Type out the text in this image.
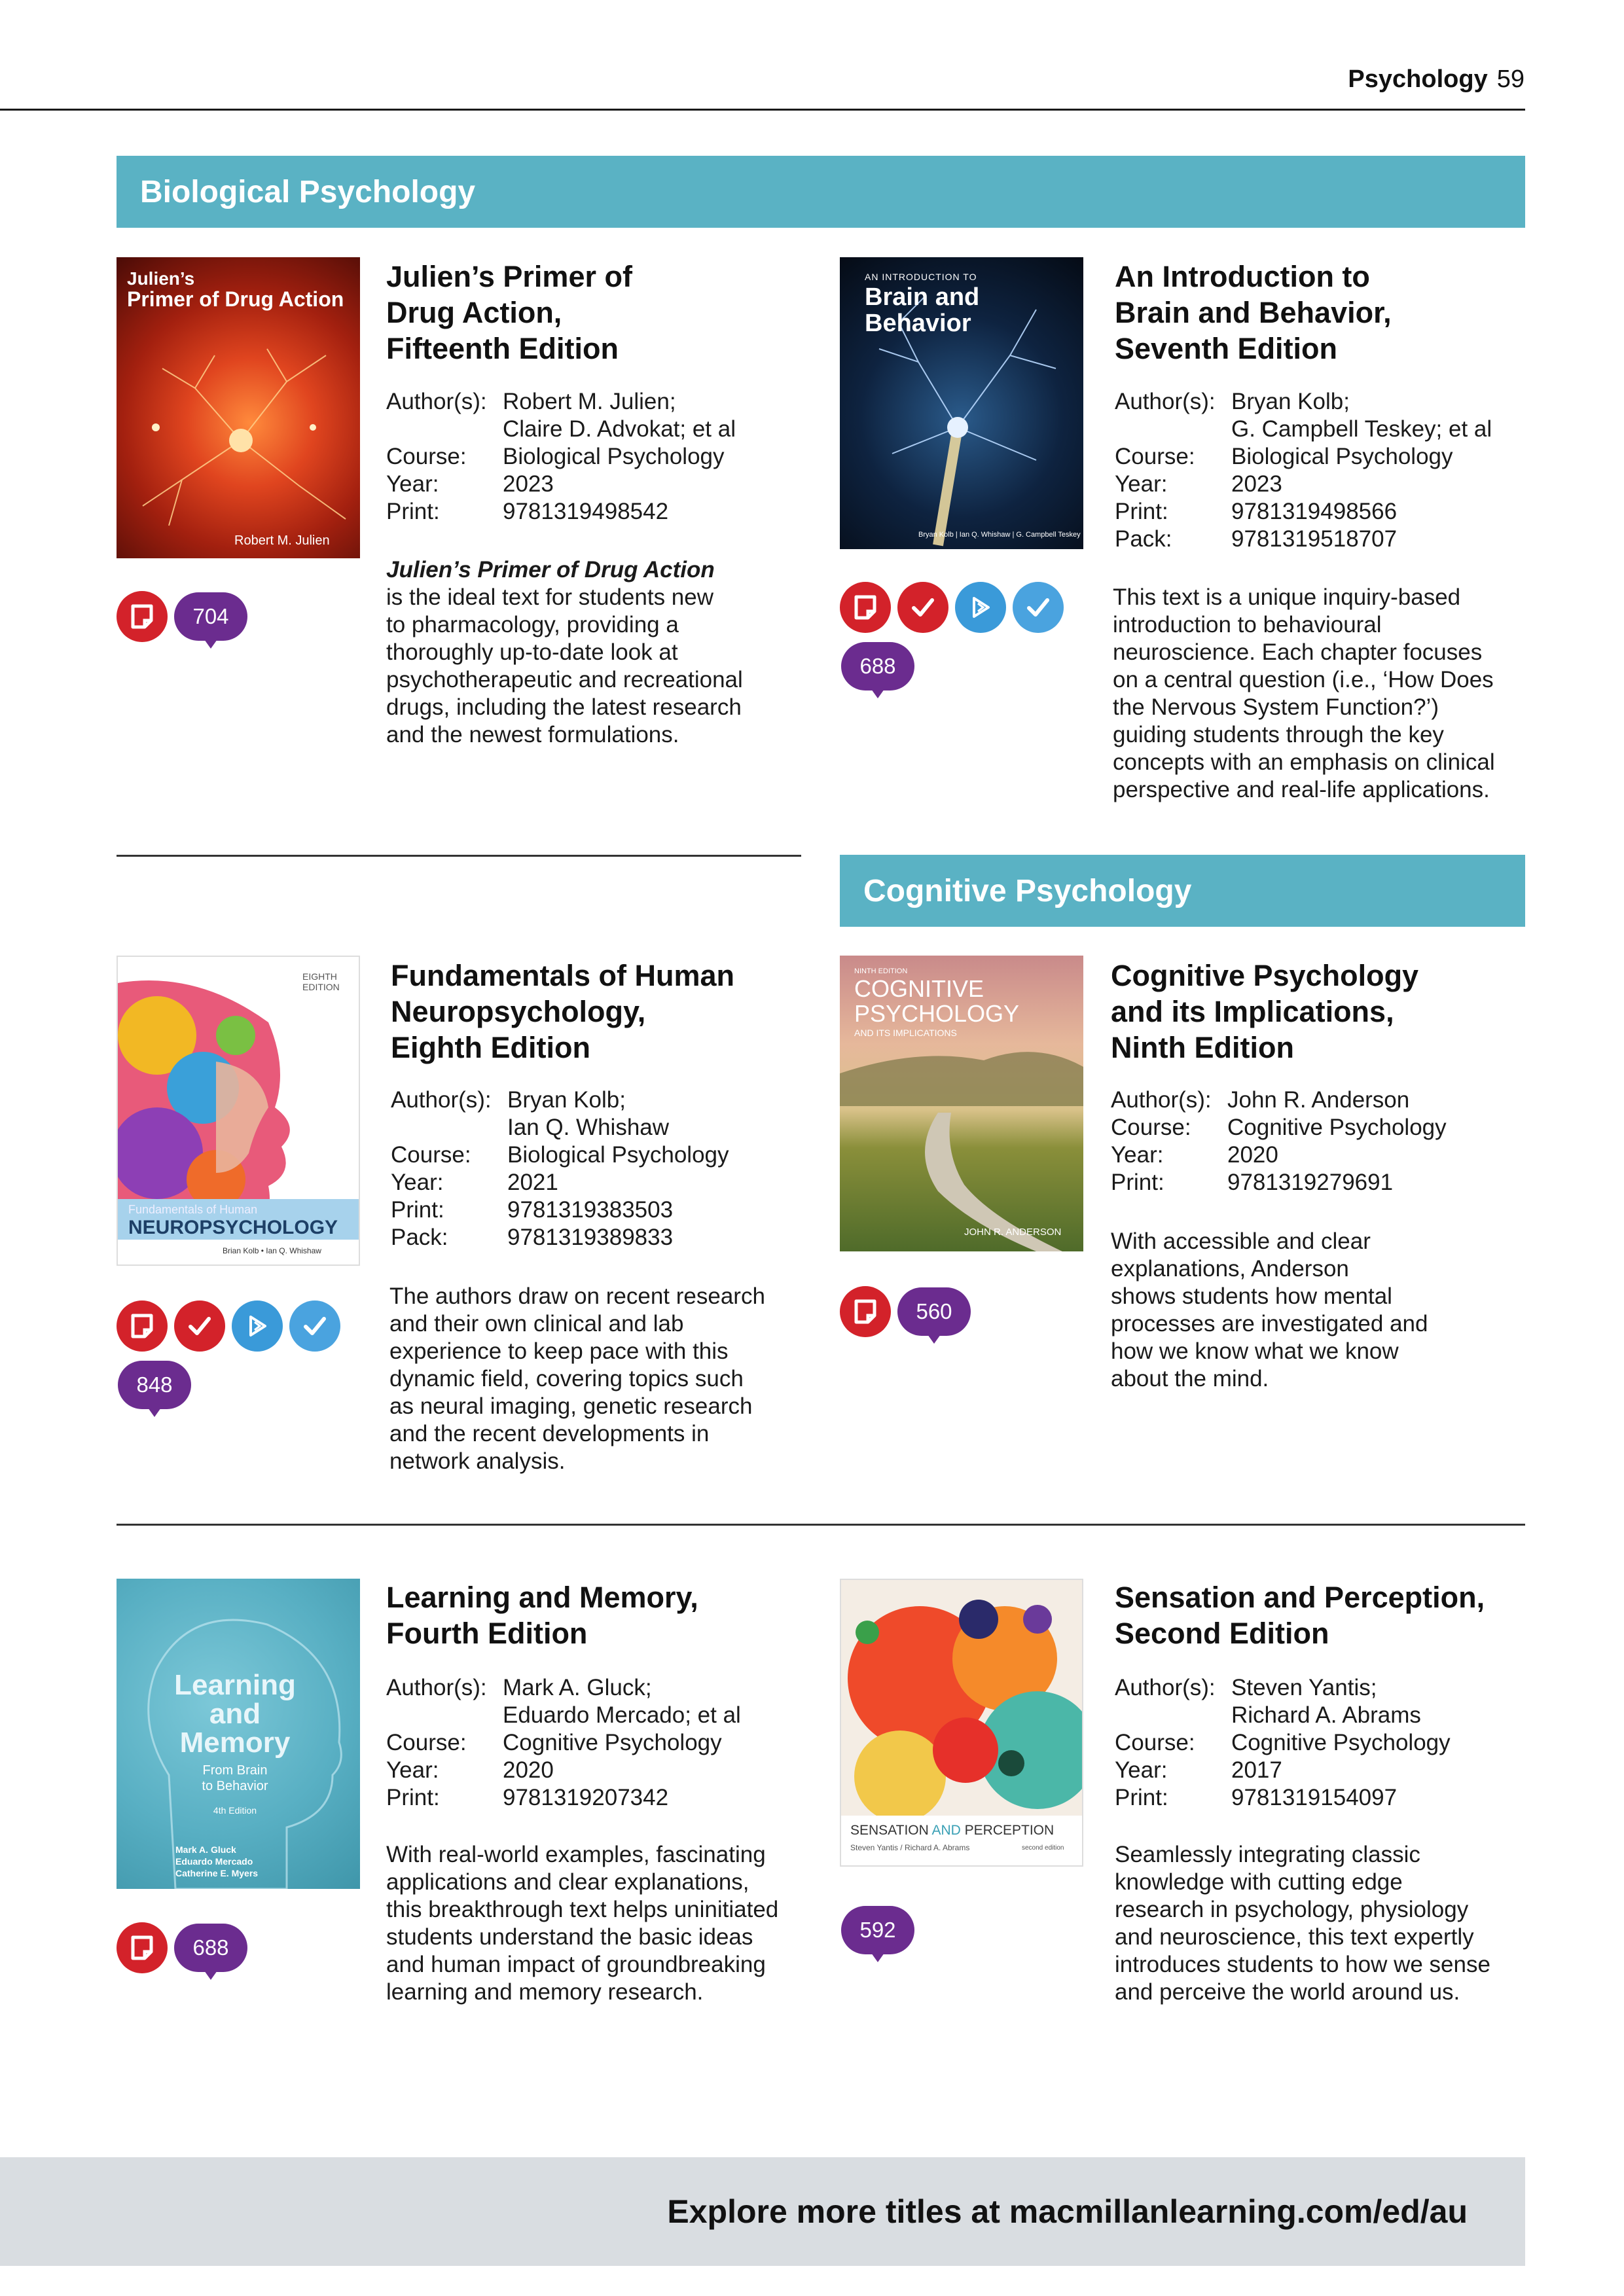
Psychology 59
Biological Psychology
Julien’s
Primer of Drug Action
Robert M. Julien
Julien’s Primer of
Drug Action,
Fifteenth Edition
Author(s): Robert M. Julien;
Claire D. Advokat; et al
Course:	Biological Psychology
Year:	2023
Print:	9781319498542
Julien’s Primer of Drug Action
is the ideal text for students new
to pharmacology, providing a
thoroughly up-to-date look at
psychotherapeutic and recreational
drugs, including the latest research
and the newest formulations.
704
AN INTRODUCTION TO
Brain and
Behavior
Bryan Kolb | Ian Q. Whishaw | G. Campbell Teskey
An Introduction to
Brain and Behavior,
Seventh Edition
Author(s): Bryan Kolb;
G. Campbell Teskey; et al
Course:	Biological Psychology
Year:	2023
Print:	9781319498566
Pack:	9781319518707
This text is a unique inquiry-based
introduction to behavioural
neuroscience. Each chapter focuses
on a central question (i.e., ‘How Does
the Nervous System Function?’)
guiding students through the key
concepts with an emphasis on clinical
perspective and real-life applications.
688
Cognitive Psychology
EIGHTH EDITION
Fundamentals of Human
NEUROPSYCHOLOGY
Brian Kolb • Ian Q. Whishaw
Fundamentals of Human
Neuropsychology,
Eighth Edition
Author(s): Bryan Kolb;
Ian Q. Whishaw
Course:	Biological Psychology
Year:	2021
Print:	9781319383503
Pack:	9781319389833
The authors draw on recent research
and their own clinical and lab
experience to keep pace with this
dynamic field, covering topics such
as neural imaging, genetic research
and the recent developments in
network analysis.
848
NINTH EDITION
COGNITIVE
PSYCHOLOGY
AND ITS IMPLICATIONS
JOHN R. ANDERSON
Cognitive Psychology
and its Implications,
Ninth Edition
Author(s): John R. Anderson
Course:	Cognitive Psychology
Year:	2020
Print:	9781319279691
With accessible and clear
explanations, Anderson
shows students how mental
processes are investigated and
how we know what we know
about the mind.
560
Learning
and
Memory
From Brain
to Behavior
4th Edition
Mark A. Gluck
Eduardo Mercado
Catherine E. Myers
Learning and Memory,
Fourth Edition
Author(s): Mark A. Gluck;
Eduardo Mercado; et al
Course:	Cognitive Psychology
Year:	2020
Print:	9781319207342
With real-world examples, fascinating
applications and clear explanations,
this breakthrough text helps uninitiated
students understand the basic ideas
and human impact of groundbreaking
learning and memory research.
688
SENSATION AND PERCEPTION
Steven Yantis / Richard A. Abrams	second edition
Sensation and Perception,
Second Edition
Author(s): Steven Yantis;
Richard A. Abrams
Course:	Cognitive Psychology
Year:	2017
Print:	9781319154097
Seamlessly integrating classic
knowledge with cutting edge
research in psychology, physiology
and neuroscience, this text expertly
introduces students to how we sense
and perceive the world around us.
592
Explore more titles at macmillanlearning.com/ed/au
